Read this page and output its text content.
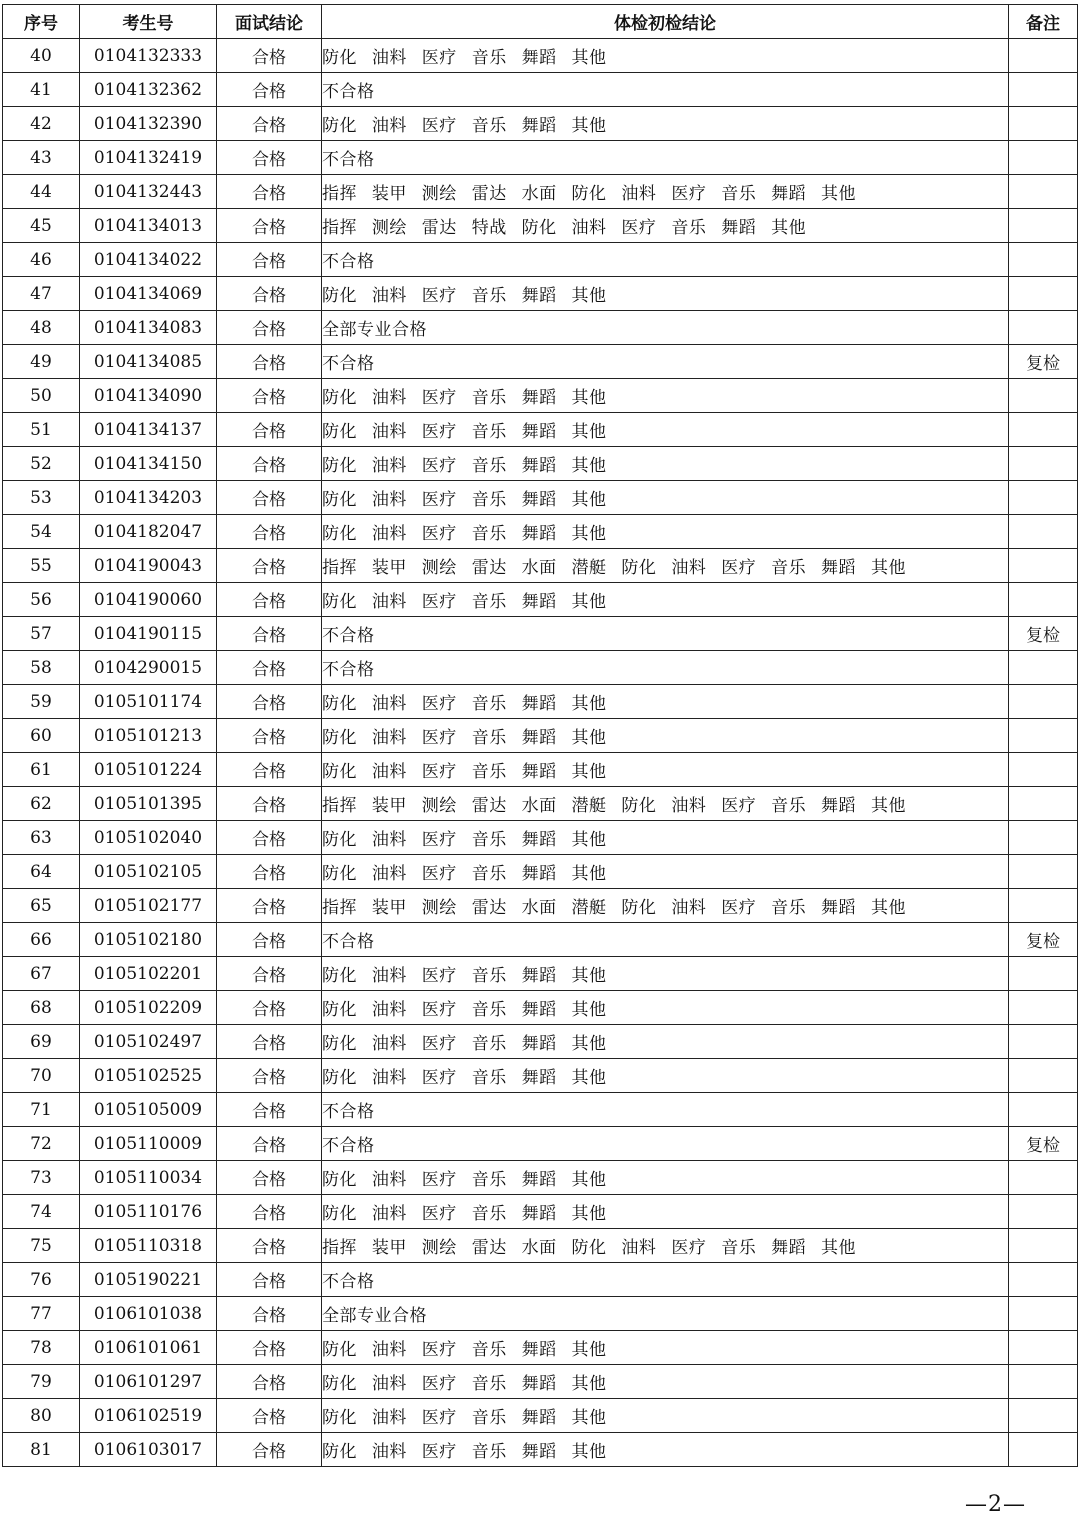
序号	考生号	面试结论	体检初检结论	备注
40	0104132333	合格	防化 油料 医疗 音乐 舞蹈 其他	
41	0104132362	合格	不合格	
42	0104132390	合格	防化 油料 医疗 音乐 舞蹈 其他	
43	0104132419	合格	不合格	
44	0104132443	合格	指挥 装甲 测绘 雷达 水面 防化 油料 医疗 音乐 舞蹈 其他	
45	0104134013	合格	指挥 测绘 雷达 特战 防化 油料 医疗 音乐 舞蹈 其他	
46	0104134022	合格	不合格	
47	0104134069	合格	防化 油料 医疗 音乐 舞蹈 其他	
48	0104134083	合格	全部专业合格	
49	0104134085	合格	不合格	复检
50	0104134090	合格	防化 油料 医疗 音乐 舞蹈 其他	
51	0104134137	合格	防化 油料 医疗 音乐 舞蹈 其他	
52	0104134150	合格	防化 油料 医疗 音乐 舞蹈 其他	
53	0104134203	合格	防化 油料 医疗 音乐 舞蹈 其他	
54	0104182047	合格	防化 油料 医疗 音乐 舞蹈 其他	
55	0104190043	合格	指挥 装甲 测绘 雷达 水面 潜艇 防化 油料 医疗 音乐 舞蹈 其他	
56	0104190060	合格	防化 油料 医疗 音乐 舞蹈 其他	
57	0104190115	合格	不合格	复检
58	0104290015	合格	不合格	
59	0105101174	合格	防化 油料 医疗 音乐 舞蹈 其他	
60	0105101213	合格	防化 油料 医疗 音乐 舞蹈 其他	
61	0105101224	合格	防化 油料 医疗 音乐 舞蹈 其他	
62	0105101395	合格	指挥 装甲 测绘 雷达 水面 潜艇 防化 油料 医疗 音乐 舞蹈 其他	
63	0105102040	合格	防化 油料 医疗 音乐 舞蹈 其他	
64	0105102105	合格	防化 油料 医疗 音乐 舞蹈 其他	
65	0105102177	合格	指挥 装甲 测绘 雷达 水面 潜艇 防化 油料 医疗 音乐 舞蹈 其他	
66	0105102180	合格	不合格	复检
67	0105102201	合格	防化 油料 医疗 音乐 舞蹈 其他	
68	0105102209	合格	防化 油料 医疗 音乐 舞蹈 其他	
69	0105102497	合格	防化 油料 医疗 音乐 舞蹈 其他	
70	0105102525	合格	防化 油料 医疗 音乐 舞蹈 其他	
71	0105105009	合格	不合格	
72	0105110009	合格	不合格	复检
73	0105110034	合格	防化 油料 医疗 音乐 舞蹈 其他	
74	0105110176	合格	防化 油料 医疗 音乐 舞蹈 其他	
75	0105110318	合格	指挥 装甲 测绘 雷达 水面 防化 油料 医疗 音乐 舞蹈 其他	
76	0105190221	合格	不合格	
77	0106101038	合格	全部专业合格	
78	0106101061	合格	防化 油料 医疗 音乐 舞蹈 其他	
79	0106101297	合格	防化 油料 医疗 音乐 舞蹈 其他	
80	0106102519	合格	防化 油料 医疗 音乐 舞蹈 其他	
81	0106103017	合格	防化 油料 医疗 音乐 舞蹈 其他	
—2—
